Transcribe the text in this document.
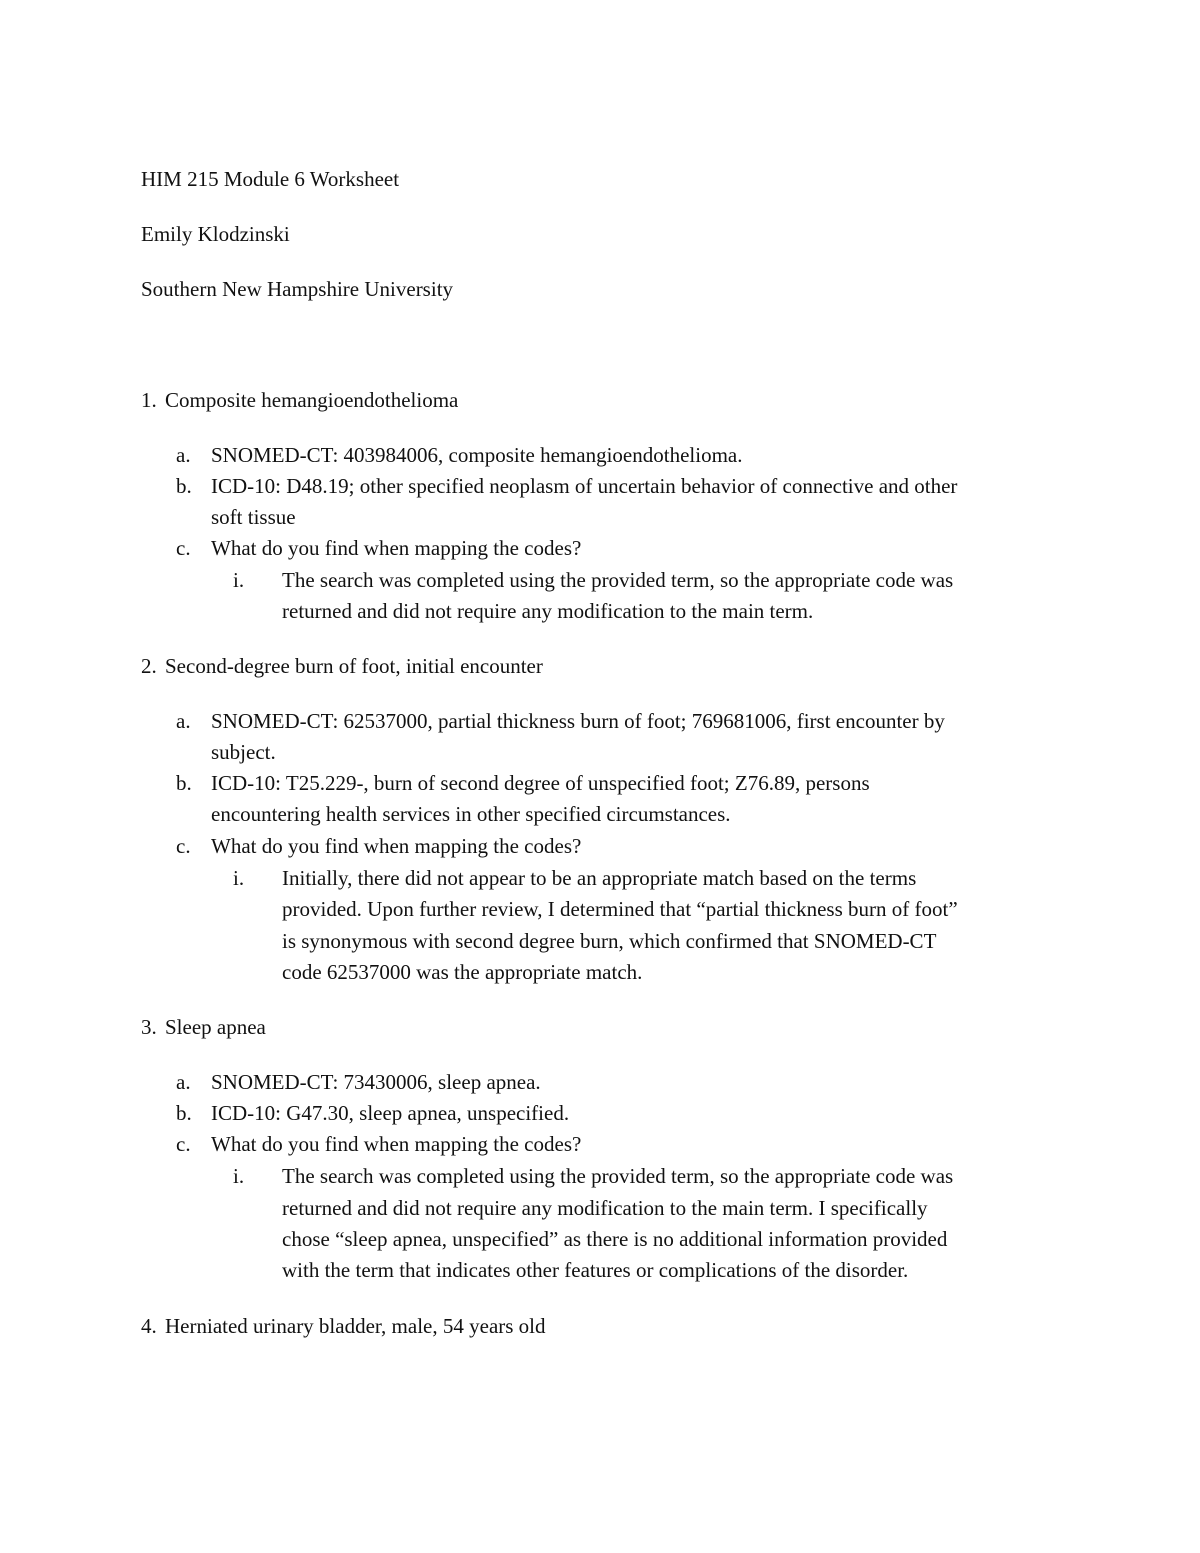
HIM 215 Module 6 Worksheet
Emily Klodzinski
Southern New Hampshire University
1. Composite hemangioendothelioma
a. SNOMED-CT: 403984006, composite hemangioendothelioma.
b. ICD-10: D48.19; other specified neoplasm of uncertain behavior of connective and other
soft tissue
c. What do you find when mapping the codes?
i. The search was completed using the provided term, so the appropriate code was
returned and did not require any modification to the main term.
2. Second-degree burn of foot, initial encounter
a. SNOMED-CT: 62537000, partial thickness burn of foot; 769681006, first encounter by
subject.
b. ICD-10: T25.229-, burn of second degree of unspecified foot; Z76.89, persons
encountering health services in other specified circumstances.
c. What do you find when mapping the codes?
i. Initially, there did not appear to be an appropriate match based on the terms
provided. Upon further review, I determined that “partial thickness burn of foot”
is synonymous with second degree burn, which confirmed that SNOMED-CT
code 62537000 was the appropriate match.
3. Sleep apnea
a. SNOMED-CT: 73430006, sleep apnea.
b. ICD-10: G47.30, sleep apnea, unspecified.
c. What do you find when mapping the codes?
i. The search was completed using the provided term, so the appropriate code was
returned and did not require any modification to the main term. I specifically
chose “sleep apnea, unspecified” as there is no additional information provided
with the term that indicates other features or complications of the disorder.
4. Herniated urinary bladder, male, 54 years old
